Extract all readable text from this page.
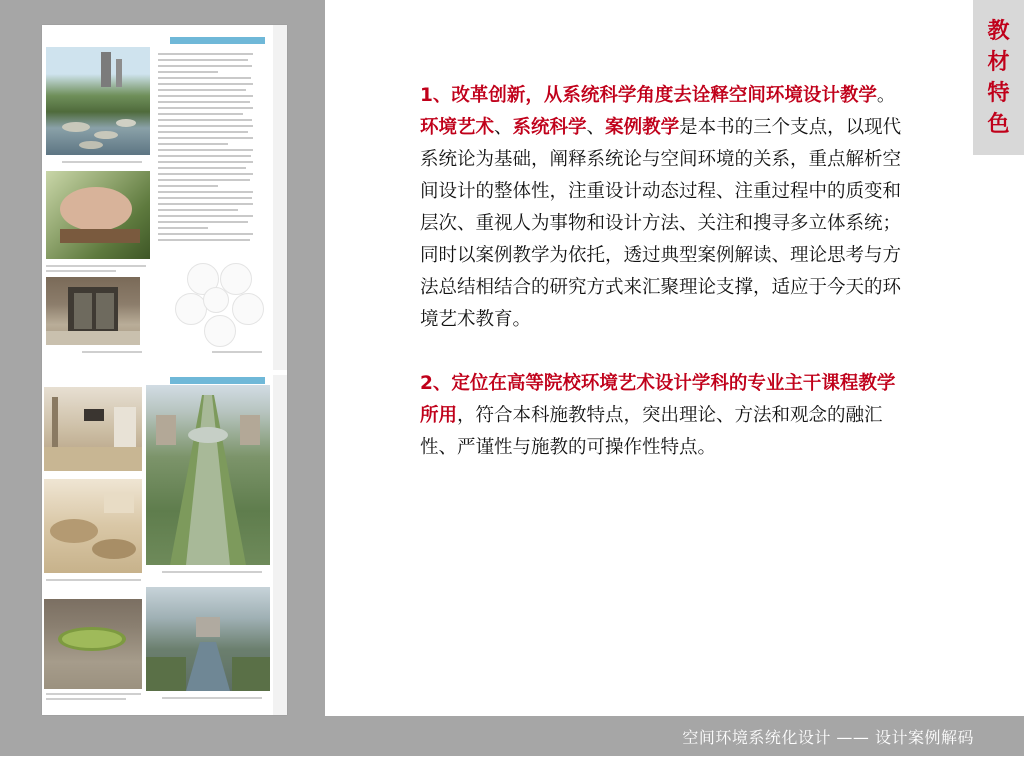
教
材
特
色

1、改革创新，从系统科学角度去诠释空间环境设计教学。

环境艺术、系统科学、案例教学是本书的三个支点，以现代系统论为基础，阐释系统论与空间环境的关系，重点解析空间设计的整体性，注重设计动态过程、注重过程中的质变和层次、重视人为事物和设计方法、关注和搜寻多立体系统；同时以案例教学为依托，透过典型案例解读、理论思考与方法总结相结合的研究方式来汇聚理论支撑，适应于今天的环境艺术教育。

2、定位在高等院校环境艺术设计学科的专业主干课程教学所用，符合本科施教特点，突出理论、方法和观念的融汇性、严谨性与施教的可操作性特点。

空间环境系统化设计 —— 设计案例解码
